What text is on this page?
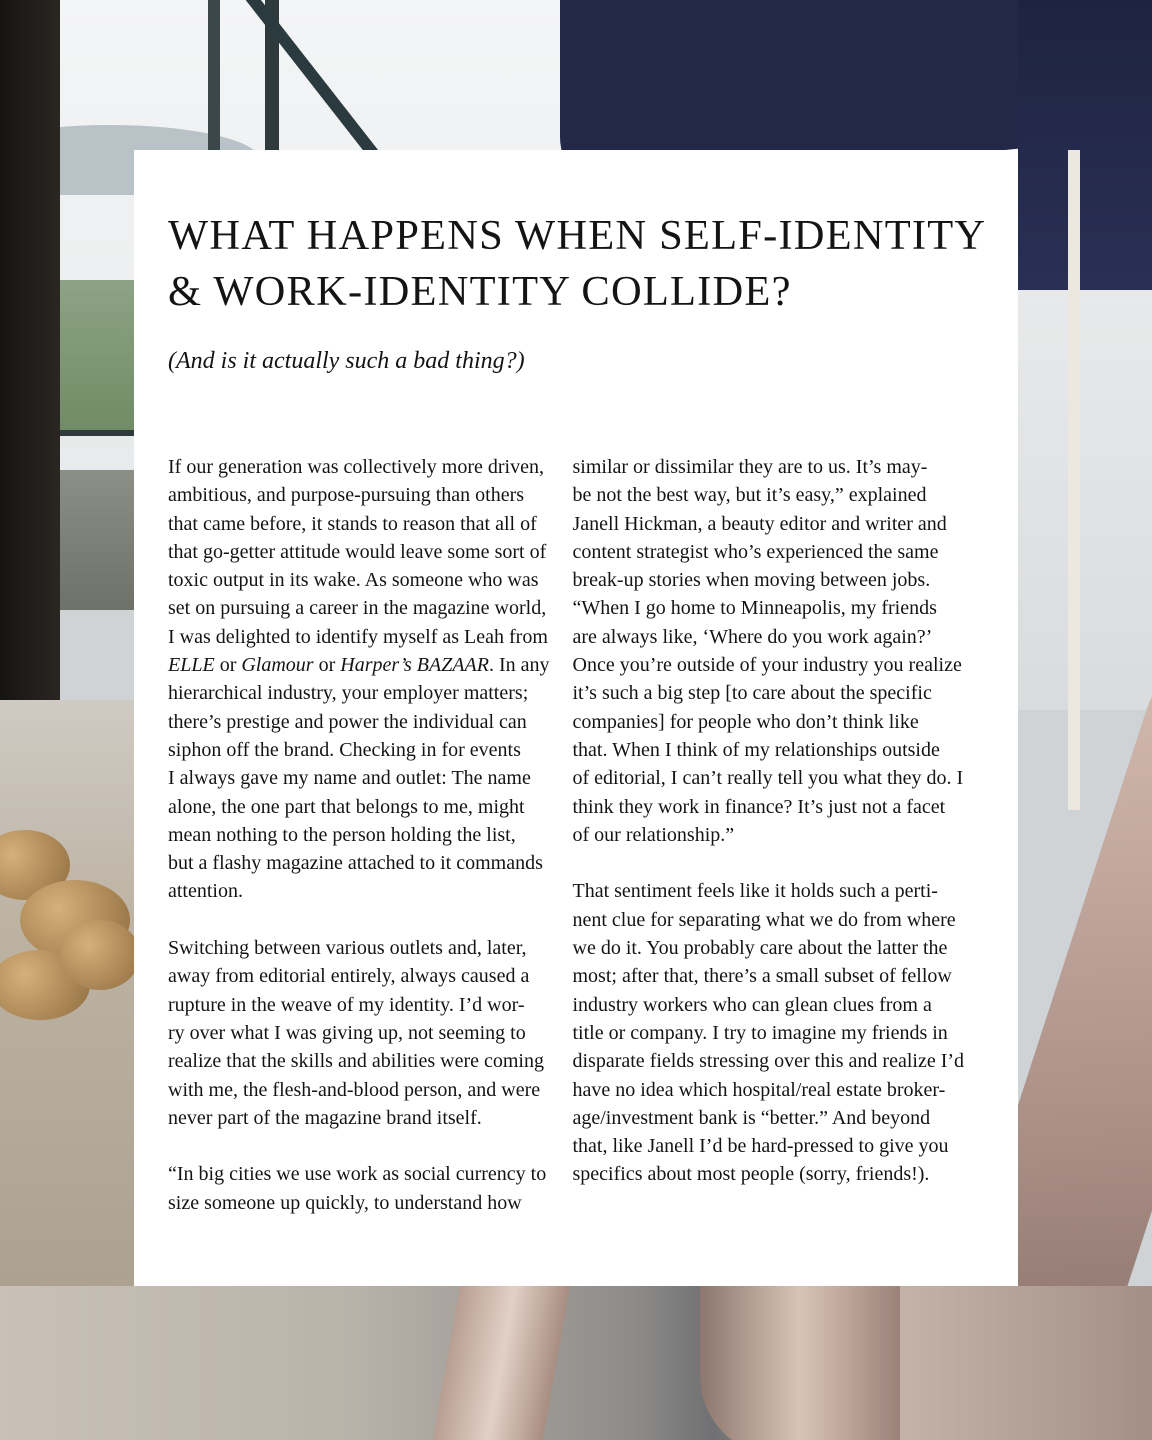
WHAT HAPPENS WHEN SELF-IDENTITY
& WORK-IDENTITY COLLIDE?
(And is it actually such a bad thing?)
If our generation was collectively more driven,
ambitious, and purpose-pursuing than others
that came before, it stands to reason that all of
that go-getter attitude would leave some sort of
toxic output in its wake. As someone who was
set on pursuing a career in the magazine world,
I was delighted to identify myself as Leah from
ELLE or Glamour or Harper’s BAZAAR. In any
hierarchical industry, your employer matters;
there’s prestige and power the individual can
siphon off the brand. Checking in for events
I always gave my name and outlet: The name
alone, the one part that belongs to me, might
mean nothing to the person holding the list,
but a flashy magazine attached to it commands
attention.
Switching between various outlets and, later,
away from editorial entirely, always caused a
rupture in the weave of my identity. I’d wor-
ry over what I was giving up, not seeming to
realize that the skills and abilities were coming
with me, the flesh-and-blood person, and were
never part of the magazine brand itself.
“In big cities we use work as social currency to
size someone up quickly, to understand how
similar or dissimilar they are to us. It’s may-
be not the best way, but it’s easy,” explained
Janell Hickman, a beauty editor and writer and
content strategist who’s experienced the same
break-up stories when moving between jobs.
“When I go home to Minneapolis, my friends
are always like, ‘Where do you work again?’
Once you’re outside of your industry you realize
it’s such a big step [to care about the specific
companies] for people who don’t think like
that. When I think of my relationships outside
of editorial, I can’t really tell you what they do. I
think they work in finance? It’s just not a facet
of our relationship.”
That sentiment feels like it holds such a perti-
nent clue for separating what we do from where
we do it. You probably care about the latter the
most; after that, there’s a small subset of fellow
industry workers who can glean clues from a
title or company. I try to imagine my friends in
disparate fields stressing over this and realize I’d
have no idea which hospital/real estate broker-
age/investment bank is “better.” And beyond
that, like Janell I’d be hard-pressed to give you
specifics about most people (sorry, friends!).
